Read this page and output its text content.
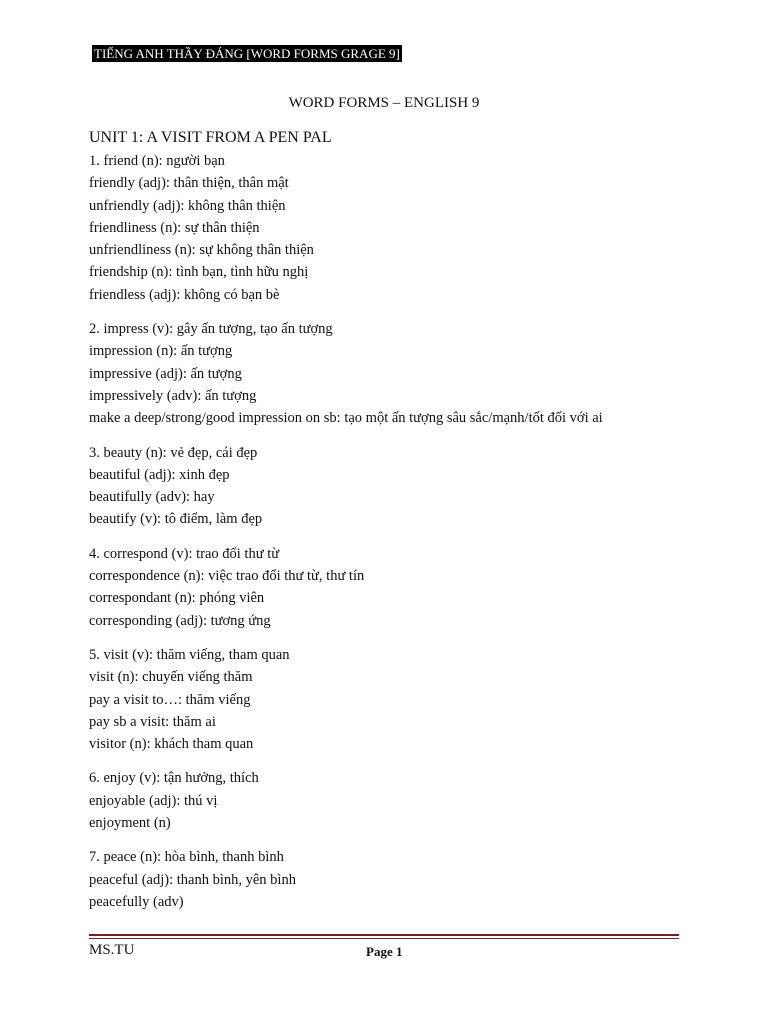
TIẾNG ANH THẦY ĐÁNG [WORD FORMS GRAGE 9]
WORD FORMS – ENGLISH 9
UNIT 1: A VISIT FROM A PEN PAL
1. friend (n): người bạn
friendly (adj): thân thiện, thân mật
unfriendly (adj): không thân thiện
friendliness (n): sự thân thiện
unfriendliness (n): sự không thân thiện
friendship (n): tình bạn, tình hữu nghị
friendless (adj): không có bạn bè
2. impress (v): gây ấn tượng, tạo ấn tượng
impression (n): ấn tượng
impressive (adj): ấn tượng
impressively (adv): ấn tượng
make a deep/strong/good impression on sb: tạo một ấn tượng sâu sắc/mạnh/tốt đối với ai
3. beauty (n): vẻ đẹp, cái đẹp
beautiful (adj): xinh đẹp
beautifully (adv): hay
beautify (v): tô điểm, làm đẹp
4. correspond (v): trao đổi thư từ
correspondence (n): việc trao đổi thư từ, thư tín
correspondant (n): phóng viên
corresponding (adj): tương ứng
5. visit (v): thăm viếng, tham quan
visit (n): chuyến viếng thăm
pay a visit to…: thăm viếng
pay sb a visit: thăm ai
visitor (n): khách tham quan
6. enjoy (v): tận hưởng, thích
enjoyable (adj): thú vị
enjoyment (n)
7. peace (n): hòa bình, thanh bình
peaceful (adj): thanh bình, yên bình
peacefully (adv)
MS.TU	Page 1
